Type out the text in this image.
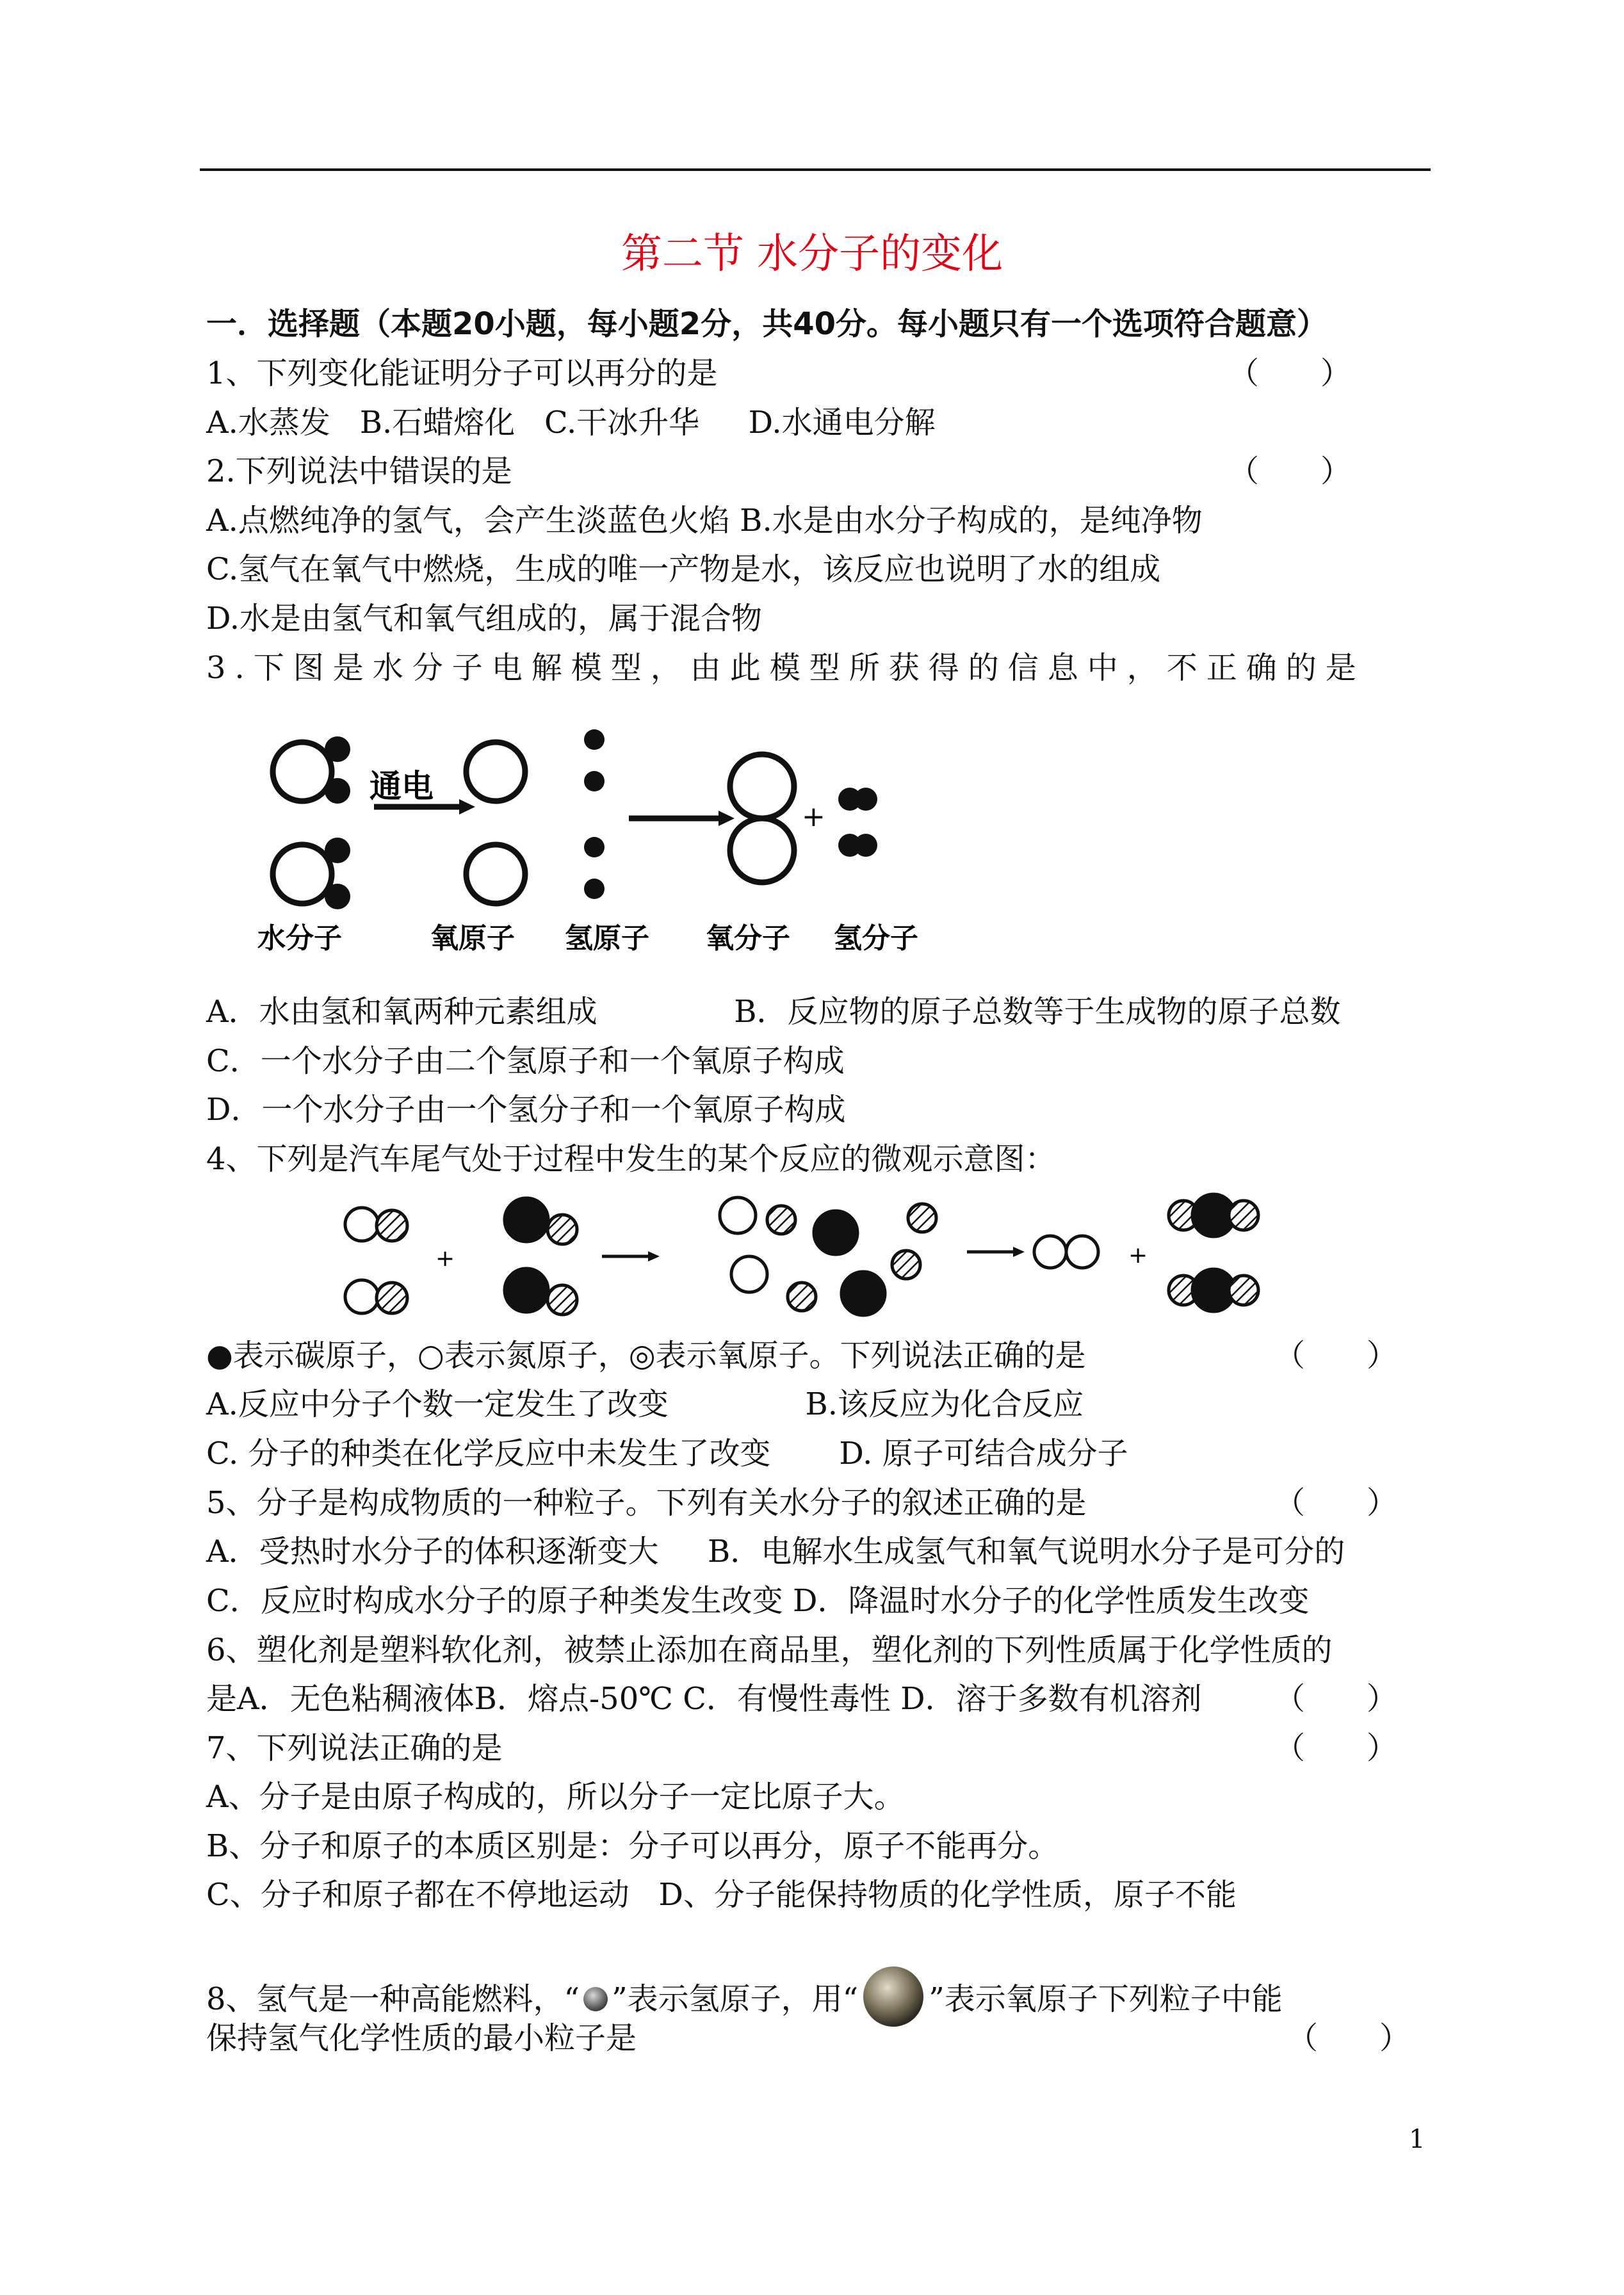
第二节 水分子的变化
一．选择题（本题20小题，每小题2分，共40分。每小题只有一个选项符合题意）
1、下列变化能证明分子可以再分的是	（　　）
A.水蒸发   B.石蜡熔化   C.干冰升华     D.水通电分解
2.下列说法中错误的是	（　　）
A.点燃纯净的氢气，会产生淡蓝色火焰 B.水是由水分子构成的，是纯净物
C.氢气在氧气中燃烧，生成的唯一产物是水，该反应也说明了水的组成
D.水是由氢气和氧气组成的，属于混合物
3.下图是水分子电解模型，由此模型所获得的信息中，不正确的是
通电
+
水分子	氧原子 氢原子 氧分子 氢分子
A．水由氢和氧两种元素组成              B．反应物的原子总数等于生成物的原子总数
C．一个水分子由二个氢原子和一个氧原子构成
D．一个水分子由一个氢分子和一个氧原子构成
4、下列是汽车尾气处于过程中发生的某个反应的微观示意图：
+	+
●表示碳原子，○表示氮原子，◎表示氧原子。下列说法正确的是	（　　）
A.反应中分子个数一定发生了改变              B.该反应为化合反应
C. 分子的种类在化学反应中未发生了改变       D. 原子可结合成分子
5、分子是构成物质的一种粒子。下列有关水分子的叙述正确的是	（　　）
A．受热时水分子的体积逐渐变大     B．电解水生成氢气和氧气说明水分子是可分的
C．反应时构成水分子的原子种类发生改变 D．降温时水分子的化学性质发生改变
6、塑化剂是塑料软化剂，被禁止添加在商品里，塑化剂的下列性质属于化学性质的
是A．无色粘稠液体B．熔点-50℃ C．有慢性毒性 D．溶于多数有机溶剂 （　　）
7、下列说法正确的是	（　　）
A、分子是由原子构成的，所以分子一定比原子大。
B、分子和原子的本质区别是：分子可以再分，原子不能再分。
C、分子和原子都在不停地运动   D、分子能保持物质的化学性质，原子不能
8、氢气是一种高能燃料，“ ”表示氢原子，用“ ”表示氧原子下列粒子中能
保持氢气化学性质的最小粒子是	（　　）
1
